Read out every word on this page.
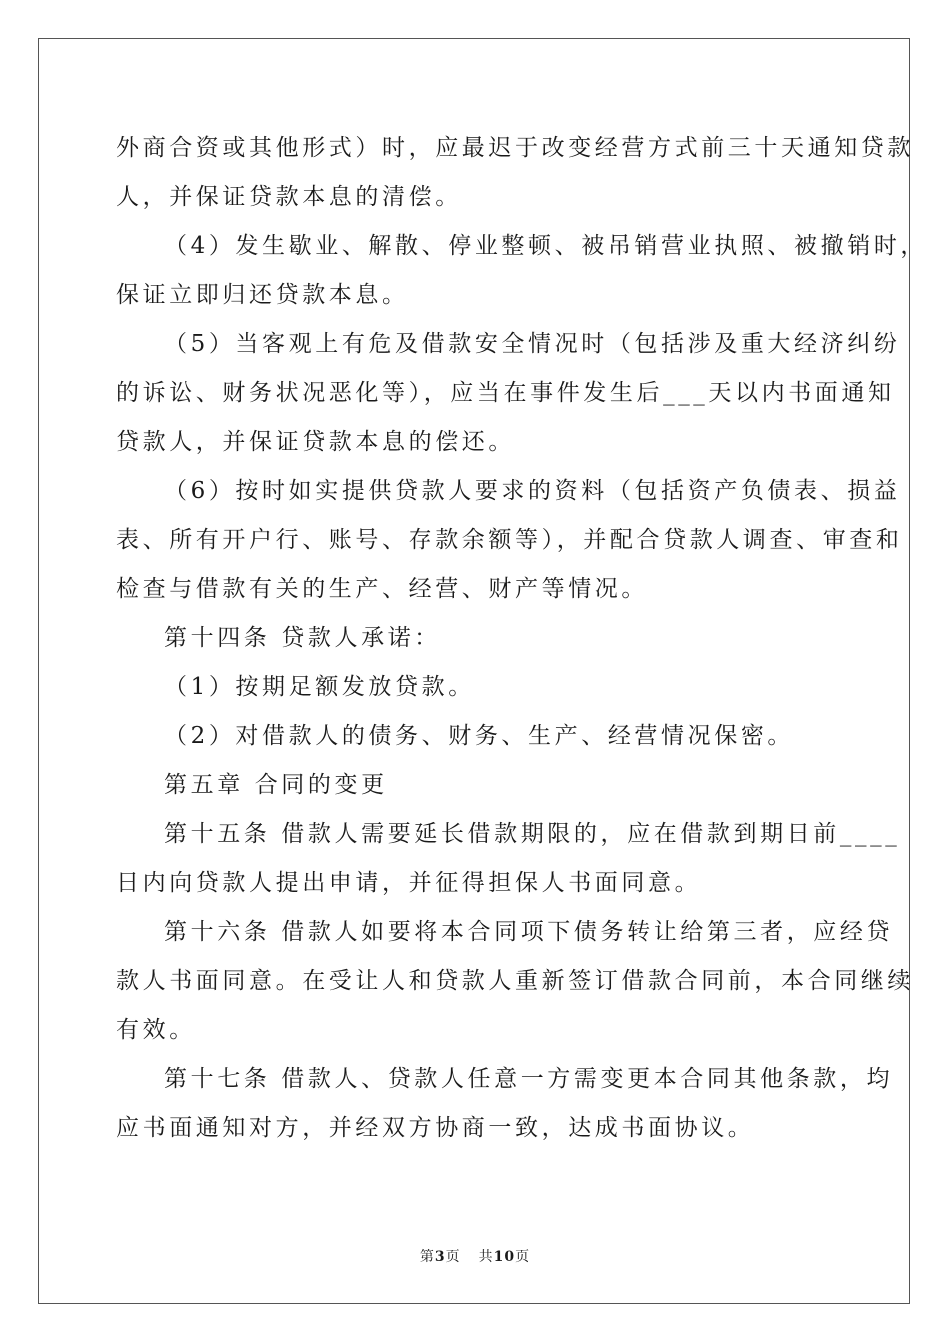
外商合资或其他形式）时，应最迟于改变经营方式前三十天通知贷款
人，并保证贷款本息的清偿。
（4）发生歇业、解散、停业整顿、被吊销营业执照、被撤销时，
保证立即归还贷款本息。
（5）当客观上有危及借款安全情况时（包括涉及重大经济纠纷
的诉讼、财务状况恶化等），应当在事件发生后___天以内书面通知
贷款人，并保证贷款本息的偿还。
（6）按时如实提供贷款人要求的资料（包括资产负债表、损益
表、所有开户行、账号、存款余额等），并配合贷款人调查、审查和
检查与借款有关的生产、经营、财产等情况。
第十四条 贷款人承诺：
（1）按期足额发放贷款。
（2）对借款人的债务、财务、生产、经营情况保密。
第五章 合同的变更
第十五条 借款人需要延长借款期限的，应在借款到期日前____
日内向贷款人提出申请，并征得担保人书面同意。
第十六条 借款人如要将本合同项下债务转让给第三者，应经贷
款人书面同意。在受让人和贷款人重新签订借款合同前，本合同继续
有效。
第十七条 借款人、贷款人任意一方需变更本合同其他条款，均
应书面通知对方，并经双方协商一致，达成书面协议。
第3页 共10页
